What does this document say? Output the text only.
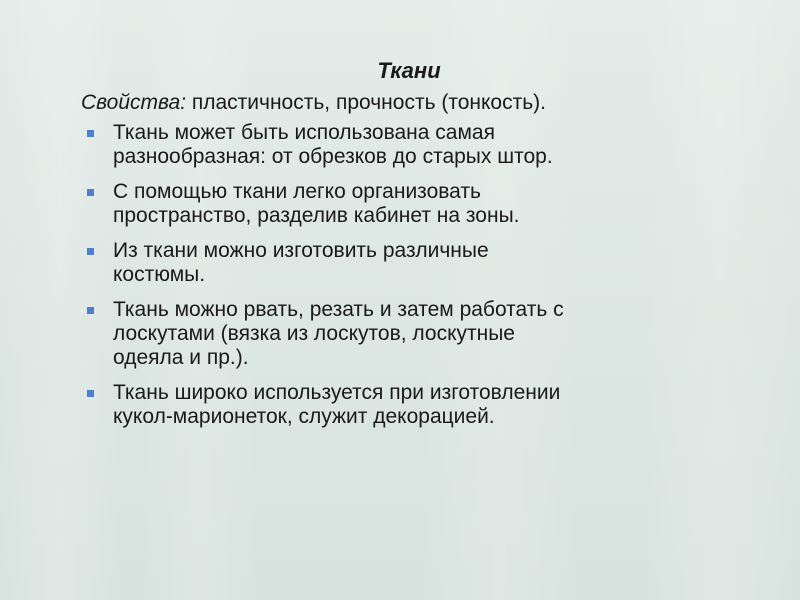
Ткани
Свойства: пластичность, прочность (тонкость).
Ткань может быть использована самая
разнообразная: от обрезков до старых штор.
С помощью ткани легко организовать
пространство, разделив кабинет на зоны.
Из ткани можно изготовить различные
костюмы.
Ткань можно рвать, резать и затем работать с
лоскутами (вязка из лоскутов, лоскутные
одеяла и пр.).
Ткань широко используется при изготовлении
кукол-марионеток, служит декорацией.
